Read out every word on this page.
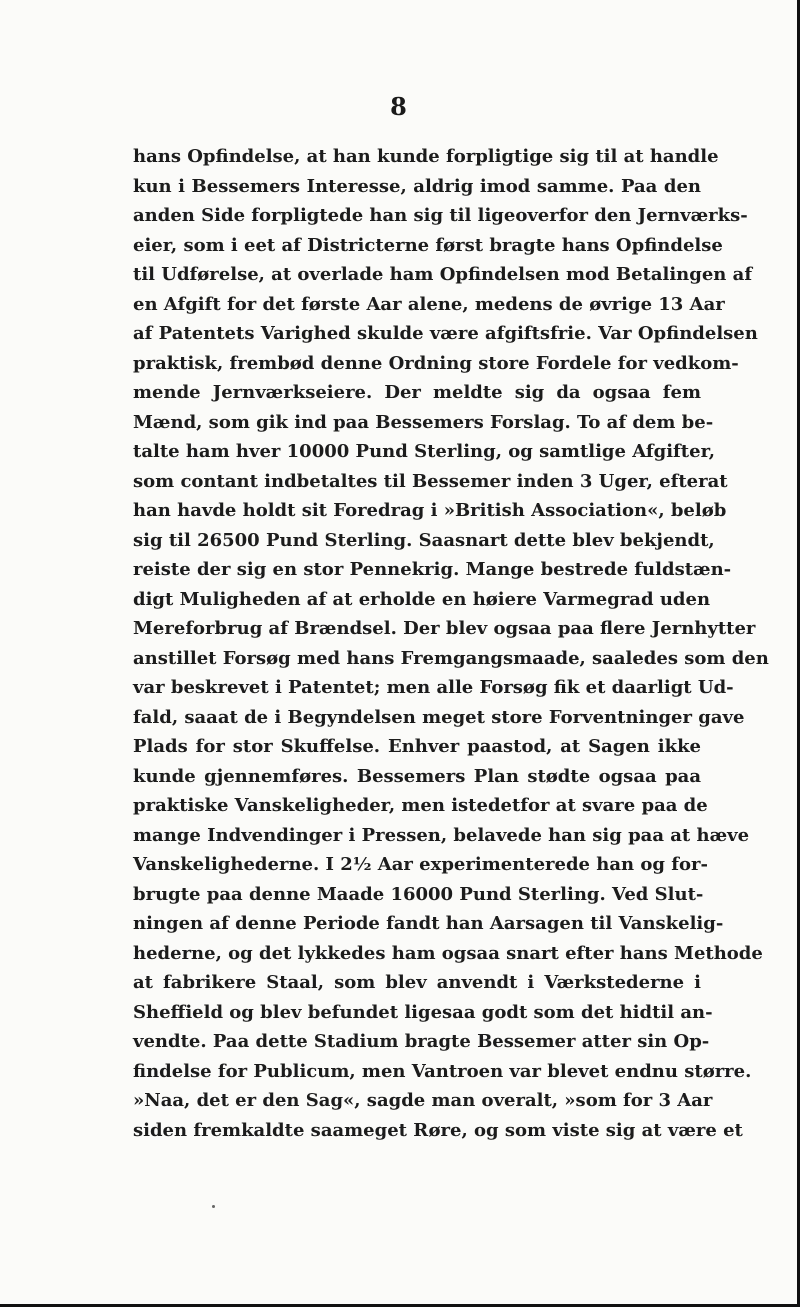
8
hans Opfindelse, at han kunde forpligtige sig til at handle
kun i Bessemers Interesse, aldrig imod samme. Paa den
anden Side forpligtede han sig til ligeoverfor den Jernværks-
eier, som i eet af Districterne først bragte hans Opfindelse
til Udførelse, at overlade ham Opfindelsen mod Betalingen af
en Afgift for det første Aar alene, medens de øvrige 13 Aar
af Patentets Varighed skulde være afgiftsfrie. Var Opfindelsen
praktisk, frembød denne Ordning store Fordele for vedkom-
mende Jernværkseiere. Der meldte sig da ogsaa fem
Mænd, som gik ind paa Bessemers Forslag. To af dem be-
talte ham hver 10000 Pund Sterling, og samtlige Afgifter,
som contant indbetaltes til Bessemer inden 3 Uger, efterat
han havde holdt sit Foredrag i »British Association«, beløb
sig til 26500 Pund Sterling. Saasnart dette blev bekjendt,
reiste der sig en stor Pennekrig. Mange bestrede fuldstæn-
digt Muligheden af at erholde en høiere Varmegrad uden
Mereforbrug af Brændsel. Der blev ogsaa paa flere Jernhytter
anstillet Forsøg med hans Fremgangsmaade, saaledes som den
var beskrevet i Patentet; men alle Forsøg fik et daarligt Ud-
fald, saaat de i Begyndelsen meget store Forventninger gave
Plads for stor Skuffelse. Enhver paastod, at Sagen ikke
kunde gjennemføres. Bessemers Plan stødte ogsaa paa
praktiske Vanskeligheder, men istedetfor at svare paa de
mange Indvendinger i Pressen, belavede han sig paa at hæve
Vanskelighederne. I 2½ Aar experimenterede han og for-
brugte paa denne Maade 16000 Pund Sterling. Ved Slut-
ningen af denne Periode fandt han Aarsagen til Vanskelig-
hederne, og det lykkedes ham ogsaa snart efter hans Methode
at fabrikere Staal, som blev anvendt i Værkstederne i
Sheffield og blev befundet ligesaa godt som det hidtil an-
vendte. Paa dette Stadium bragte Bessemer atter sin Op-
findelse for Publicum, men Vantroen var blevet endnu større.
»Naa, det er den Sag«, sagde man overalt, »som for 3 Aar
siden fremkaldte saameget Røre, og som viste sig at være et
